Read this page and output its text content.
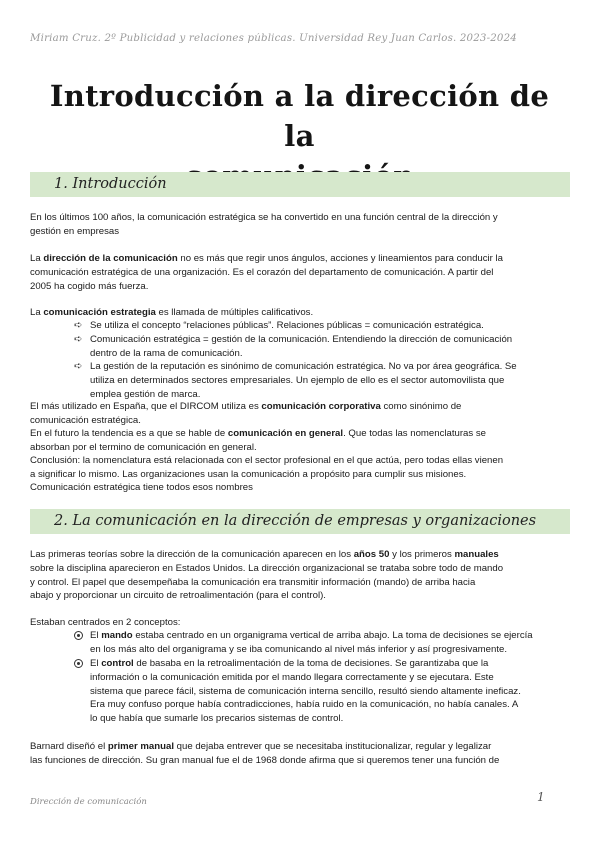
Miriam Cruz. 2º Publicidad y relaciones públicas. Universidad Rey Juan Carlos. 2023-2024
Introducción a la dirección de la
1. Introducción
En los últimos 100 años, la comunicación estratégica se ha convertido en una función central de la dirección y
gestión en empresas
La dirección de la comunicación no es más que regir unos ángulos, acciones y lineamientos para conducir la
comunicación estratégica de una organización. Es el corazón del departamento de comunicación. A partir del
2005 ha cogido más fuerza.
La comunicación estrategia es llamada de múltiples calificativos.
➪ Se utiliza el concepto “relaciones públicas”. Relaciones públicas = comunicación estratégica.
➪ Comunicación estratégica = gestión de la comunicación. Entendiendo la dirección de comunicación
dentro de la rama de comunicación.
➪ La gestión de la reputación es sinónimo de comunicación estratégica. No va por área geográfica. Se
utiliza en determinados sectores empresariales. Un ejemplo de ello es el sector automovilista que
emplea gestión de marca.
El más utilizado en España, que el DIRCOM utiliza es comunicación corporativa como sinónimo de
comunicación estratégica.
En el futuro la tendencia es a que se hable de comunicación en general. Que todas las nomenclaturas se
absorban por el termino de comunicación en general.
Conclusión: la nomenclatura está relacionada con el sector profesional en el que actúa, pero todas ellas vienen
a significar lo mismo. Las organizaciones usan la comunicación a propósito para cumplir sus misiones.
Comunicación estratégica tiene todos esos nombres
2. La comunicación en la dirección de empresas y organizaciones
Las primeras teorías sobre la dirección de la comunicación aparecen en los años 50 y los primeros manuales
sobre la disciplina aparecieron en Estados Unidos. La dirección organizacional se trataba sobre todo de mando
y control. El papel que desempeñaba la comunicación era transmitir información (mando) de arriba hacia
abajo y proporcionar un circuito de retroalimentación (para el control).
Estaban centrados en 2 conceptos:
El mando estaba centrado en un organigrama vertical de arriba abajo. La toma de decisiones se ejercía
en los más alto del organigrama y se iba comunicando al nivel más inferior y así progresivamente.
El control de basaba en la retroalimentación de la toma de decisiones. Se garantizaba que la
información o la comunicación emitida por el mando llegara correctamente y se ejecutara. Este
sistema que parece fácil, sistema de comunicación interna sencillo, resultó siendo altamente ineficaz.
Era muy confuso porque había contradicciones, había ruido en la comunicación, no había canales. A
lo que había que sumarle los precarios sistemas de control.
Barnard diseñó el primer manual que dejaba entrever que se necesitaba institucionalizar, regular y legalizar
las funciones de dirección. Su gran manual fue el de 1968 donde afirma que si queremos tener una función de
Dirección de comunicación	1
